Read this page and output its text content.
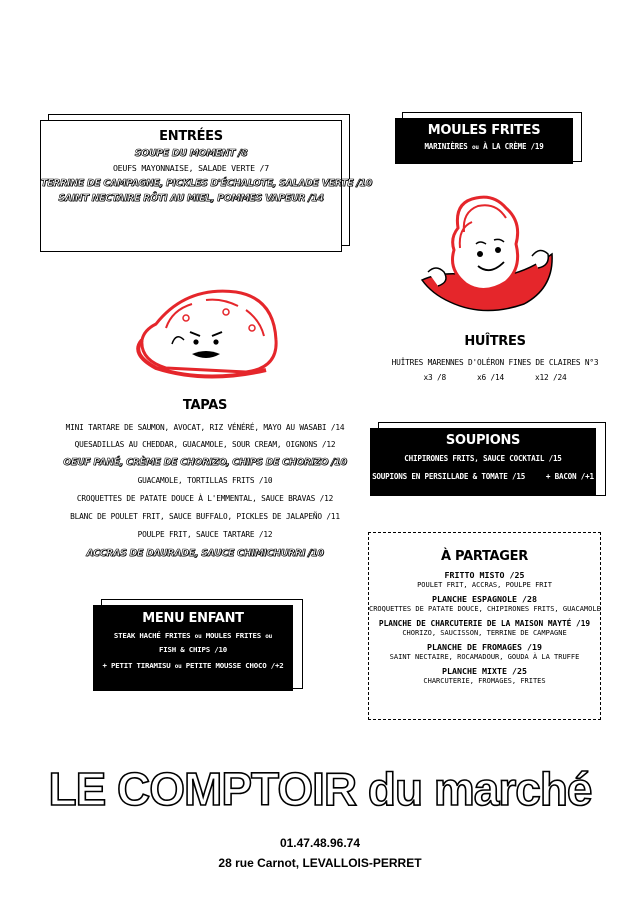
ENTRÉES
SOUPE DU MOMENT /8
OEUFS MAYONNAISE, SALADE VERTE /7
TERRINE DE CAMPAGNE, PICKLES D'ÉCHALOTE, SALADE VERTE /10
SAINT NECTAIRE RÔTI AU MIEL, POMMES VAPEUR /14
MOULES FRITES
MARINIÈRES ou À LA CRÈME /19
HUÎTRES
HUÎTRES MARENNES D'OLÉRON FINES DE CLAIRES N°3
x3 /8	x6 /14	x12 /24
TAPAS
MINI TARTARE DE SAUMON, AVOCAT, RIZ VÉNÉRÉ, MAYO AU WASABI /14
QUESADILLAS AU CHEDDAR, GUACAMOLE, SOUR CREAM, OIGNONS /12
OEUF PANÉ, CRÈME DE CHORIZO, CHIPS DE CHORIZO /10
GUACAMOLE, TORTILLAS FRITS /10
CROQUETTES DE PATATE DOUCE À L'EMMENTAL, SAUCE BRAVAS /12
BLANC DE POULET FRIT, SAUCE BUFFALO, PICKLES DE JALAPEÑO /11
POULPE FRIT, SAUCE TARTARE /12
ACCRAS DE DAURADE, SAUCE CHIMICHURRI /10
SOUPIONS
CHIPIRONES FRITS, SAUCE COCKTAIL /15
SOUPIONS EN PERSILLADE & TOMATE /15	+ BACON /+1
À PARTAGER
FRITTO MISTO /25
POULET FRIT, ACCRAS, POULPE FRIT
PLANCHE ESPAGNOLE /28
CROQUETTES DE PATATE DOUCE, CHIPIRONES FRITS, GUACAMOLE
PLANCHE DE CHARCUTERIE DE LA MAISON MAYTÉ /19
CHORIZO, SAUCISSON, TERRINE DE CAMPAGNE
PLANCHE DE FROMAGES /19
SAINT NECTAIRE, ROCAMADOUR, GOUDA À LA TRUFFE
PLANCHE MIXTE /25
CHARCUTERIE, FROMAGES, FRITES
MENU ENFANT
STEAK HACHÉ FRITES ou MOULES FRITES ou
FISH & CHIPS /10
+ PETIT TIRAMISU ou PETITE MOUSSE CHOCO /+2
LE COMPTOIR du marché
01.47.48.96.74
28 rue Carnot, LEVALLOIS-PERRET
